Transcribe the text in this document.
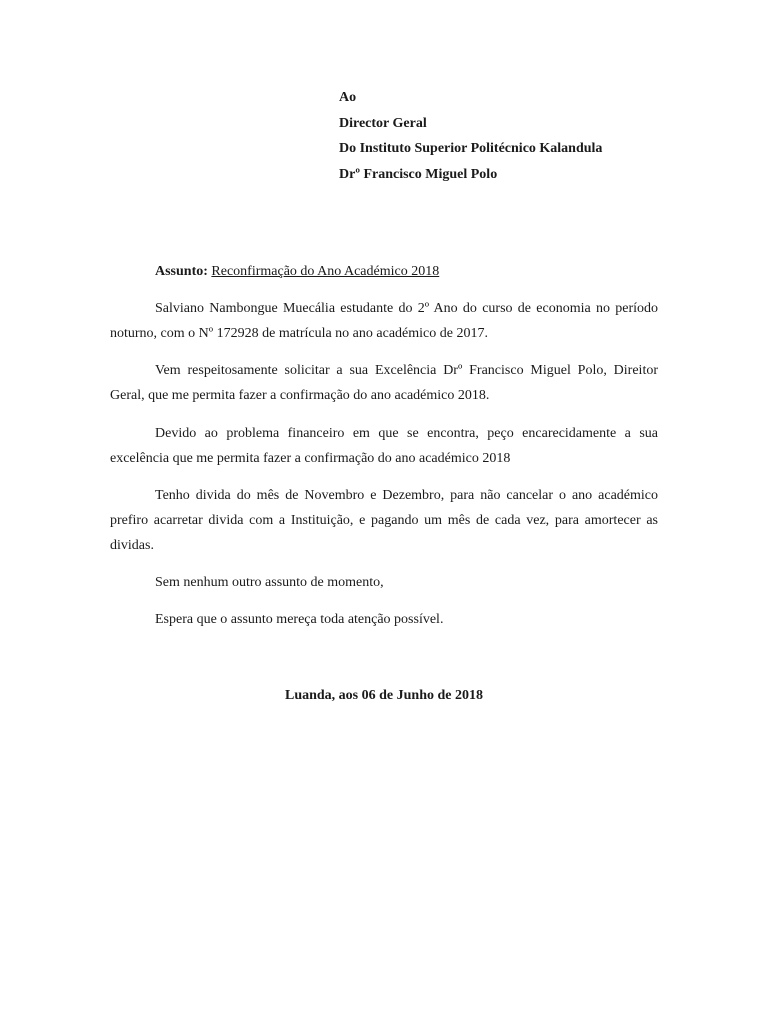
Ao
Director Geral
Do Instituto Superior Politécnico Kalandula
Drº Francisco Miguel Polo
Assunto: Reconfirmação do Ano Académico 2018
Salviano Nambongue Muecália estudante do 2º Ano do curso de economia no período noturno, com o Nº 172928 de matrícula no ano académico de 2017.
Vem respeitosamente solicitar a sua Excelência Drº Francisco Miguel Polo, Direitor Geral, que me permita fazer a confirmação do ano académico 2018.
Devido ao problema financeiro em que se encontra, peço encarecidamente a sua excelência que me permita fazer a confirmação do ano académico 2018
Tenho divida do mês de Novembro e Dezembro, para não cancelar o ano académico prefiro acarretar divida com a Instituição, e pagando um mês de cada vez, para amortecer as dividas.
Sem nenhum outro assunto de momento,
Espera que o assunto mereça toda atenção possível.
Luanda, aos 06 de Junho de 2018
